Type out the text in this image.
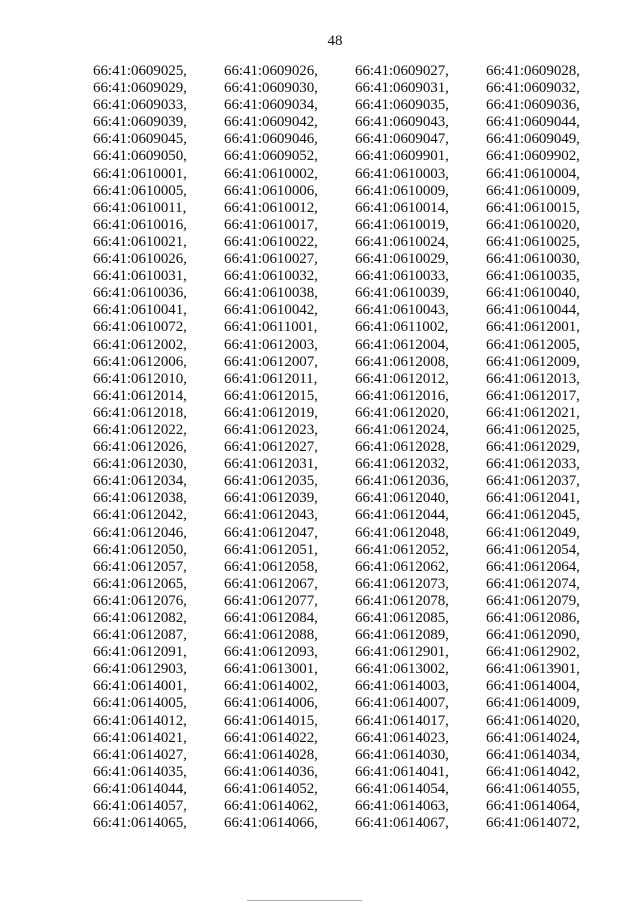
48
66:41:0609025,	66:41:0609026,	66:41:0609027,	66:41:0609028,
66:41:0609029,	66:41:0609030,	66:41:0609031,	66:41:0609032,
66:41:0609033,	66:41:0609034,	66:41:0609035,	66:41:0609036,
66:41:0609039,	66:41:0609042,	66:41:0609043,	66:41:0609044,
66:41:0609045,	66:41:0609046,	66:41:0609047,	66:41:0609049,
66:41:0609050,	66:41:0609052,	66:41:0609901,	66:41:0609902,
66:41:0610001,	66:41:0610002,	66:41:0610003,	66:41:0610004,
66:41:0610005,	66:41:0610006,	66:41:0610009,	66:41:0610009,
66:41:0610011,	66:41:0610012,	66:41:0610014,	66:41:0610015,
66:41:0610016,	66:41:0610017,	66:41:0610019,	66:41:0610020,
66:41:0610021,	66:41:0610022,	66:41:0610024,	66:41:0610025,
66:41:0610026,	66:41:0610027,	66:41:0610029,	66:41:0610030,
66:41:0610031,	66:41:0610032,	66:41:0610033,	66:41:0610035,
66:41:0610036,	66:41:0610038,	66:41:0610039,	66:41:0610040,
66:41:0610041,	66:41:0610042,	66:41:0610043,	66:41:0610044,
66:41:0610072,	66:41:0611001,	66:41:0611002,	66:41:0612001,
66:41:0612002,	66:41:0612003,	66:41:0612004,	66:41:0612005,
66:41:0612006,	66:41:0612007,	66:41:0612008,	66:41:0612009,
66:41:0612010,	66:41:0612011,	66:41:0612012,	66:41:0612013,
66:41:0612014,	66:41:0612015,	66:41:0612016,	66:41:0612017,
66:41:0612018,	66:41:0612019,	66:41:0612020,	66:41:0612021,
66:41:0612022,	66:41:0612023,	66:41:0612024,	66:41:0612025,
66:41:0612026,	66:41:0612027,	66:41:0612028,	66:41:0612029,
66:41:0612030,	66:41:0612031,	66:41:0612032,	66:41:0612033,
66:41:0612034,	66:41:0612035,	66:41:0612036,	66:41:0612037,
66:41:0612038,	66:41:0612039,	66:41:0612040,	66:41:0612041,
66:41:0612042,	66:41:0612043,	66:41:0612044,	66:41:0612045,
66:41:0612046,	66:41:0612047,	66:41:0612048,	66:41:0612049,
66:41:0612050,	66:41:0612051,	66:41:0612052,	66:41:0612054,
66:41:0612057,	66:41:0612058,	66:41:0612062,	66:41:0612064,
66:41:0612065,	66:41:0612067,	66:41:0612073,	66:41:0612074,
66:41:0612076,	66:41:0612077,	66:41:0612078,	66:41:0612079,
66:41:0612082,	66:41:0612084,	66:41:0612085,	66:41:0612086,
66:41:0612087,	66:41:0612088,	66:41:0612089,	66:41:0612090,
66:41:0612091,	66:41:0612093,	66:41:0612901,	66:41:0612902,
66:41:0612903,	66:41:0613001,	66:41:0613002,	66:41:0613901,
66:41:0614001,	66:41:0614002,	66:41:0614003,	66:41:0614004,
66:41:0614005,	66:41:0614006,	66:41:0614007,	66:41:0614009,
66:41:0614012,	66:41:0614015,	66:41:0614017,	66:41:0614020,
66:41:0614021,	66:41:0614022,	66:41:0614023,	66:41:0614024,
66:41:0614027,	66:41:0614028,	66:41:0614030,	66:41:0614034,
66:41:0614035,	66:41:0614036,	66:41:0614041,	66:41:0614042,
66:41:0614044,	66:41:0614052,	66:41:0614054,	66:41:0614055,
66:41:0614057,	66:41:0614062,	66:41:0614063,	66:41:0614064,
66:41:0614065,	66:41:0614066,	66:41:0614067,	66:41:0614072,
